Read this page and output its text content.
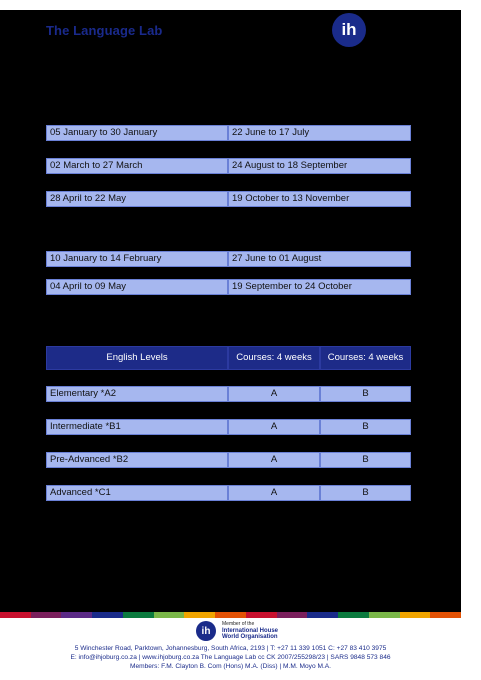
The Language Lab	ih
05 January to 30 January	22 June to 17 July
02 March to 27 March	24 August to 18 September
28 April to 22 May	19 October to 13 November
10 January to 14 February	27 June to 01 August
04 April to 09 May	19 September to 24 October
English Levels	Courses: 4 weeks	Courses: 4 weeks
Elementary *A2	A	B
Intermediate *B1	A	B
Pre-Advanced *B2	A	B
Advanced *C1	A	B
ih
Member of the
International House
World Organisation
5 Winchester Road, Parktown, Johannesburg, South Africa, 2193 | T: +27 11 339 1051 C: +27 83 410 3975
E: info@ihjoburg.co.za | www.ihjoburg.co.za The Language Lab cc CK 2007/255298/23 | SARS 9848 573 846
Members: F.M. Clayton B. Com (Hons) M.A. (Diss) | M.M. Moyo M.A.
